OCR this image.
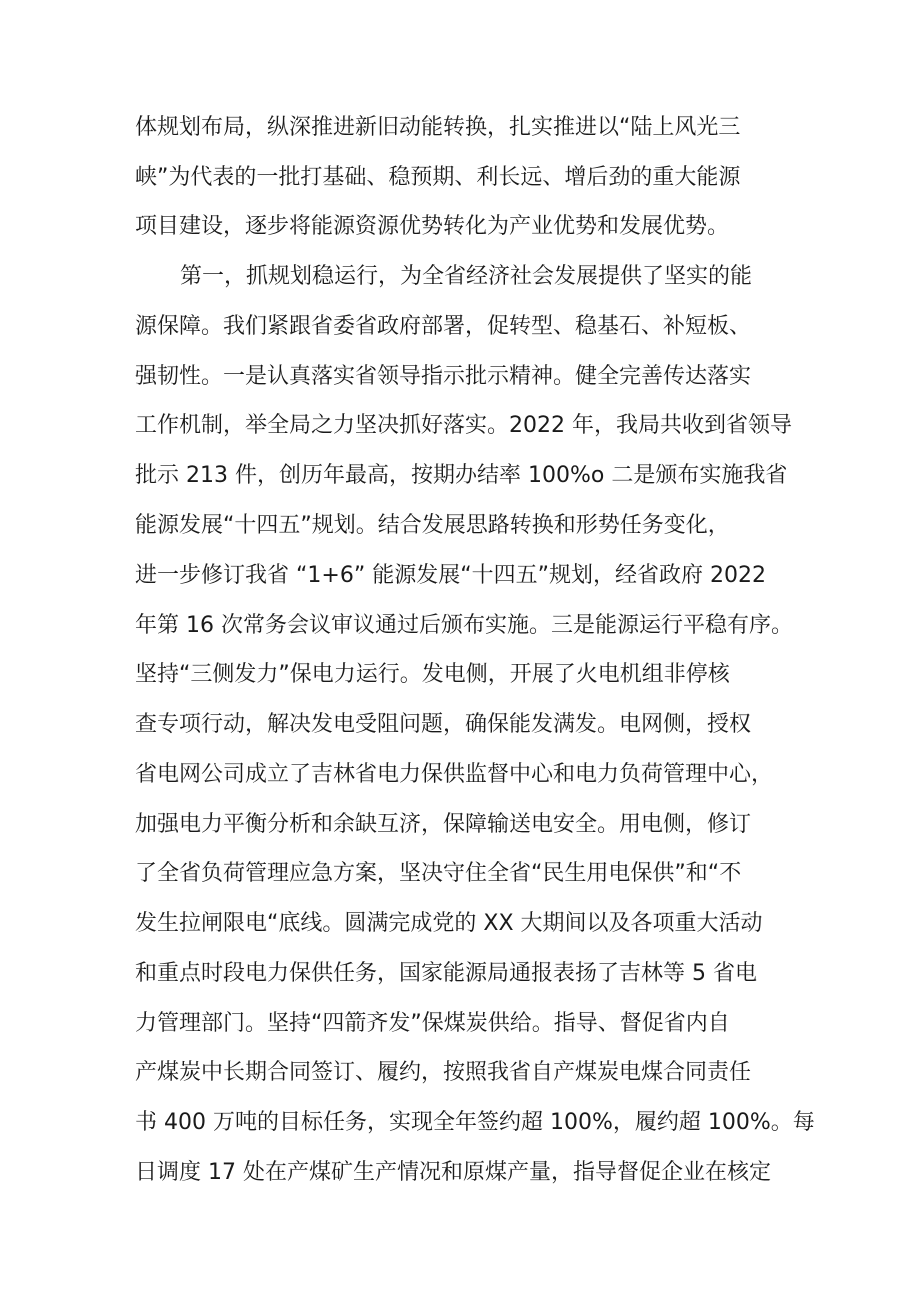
体规划布局，纵深推进新旧动能转换，扎实推进以“陆上风光三

峡”为代表的一批打基础、稳预期、利长远、增后劲的重大能源

项目建设，逐步将能源资源优势转化为产业优势和发展优势。

第一，抓规划稳运行，为全省经济社会发展提供了坚实的能

源保障。我们紧跟省委省政府部署，促转型、稳基石、补短板、

强韧性。一是认真落实省领导指示批示精神。健全完善传达落实

工作机制，举全局之力坚决抓好落实。2022 年，我局共收到省领导

批示 213 件，创历年最高，按期办结率 100%o 二是颁布实施我省

能源发展“十四五”规划。结合发展思路转换和形势任务变化，

进一步修订我省 “1+6” 能源发展“十四五”规划，经省政府 2022

年第 16 次常务会议审议通过后颁布实施。三是能源运行平稳有序。

坚持“三侧发力”保电力运行。发电侧，开展了火电机组非停核

查专项行动，解决发电受阻问题，确保能发满发。电网侧，授权

省电网公司成立了吉林省电力保供监督中心和电力负荷管理中心，

加强电力平衡分析和余缺互济，保障输送电安全。用电侧，修订

了全省负荷管理应急方案，坚决守住全省“民生用电保供”和“不

发生拉闸限电“底线。圆满完成党的 XX 大期间以及各项重大活动

和重点时段电力保供任务，国家能源局通报表扬了吉林等 5 省电

力管理部门。坚持“四箭齐发”保煤炭供给。指导、督促省内自

产煤炭中长期合同签订、履约，按照我省自产煤炭电煤合同责任

书 400 万吨的目标任务，实现全年签约超 100%，履约超 100%。每

日调度 17 处在产煤矿生产情况和原煤产量，指导督促企业在核定
